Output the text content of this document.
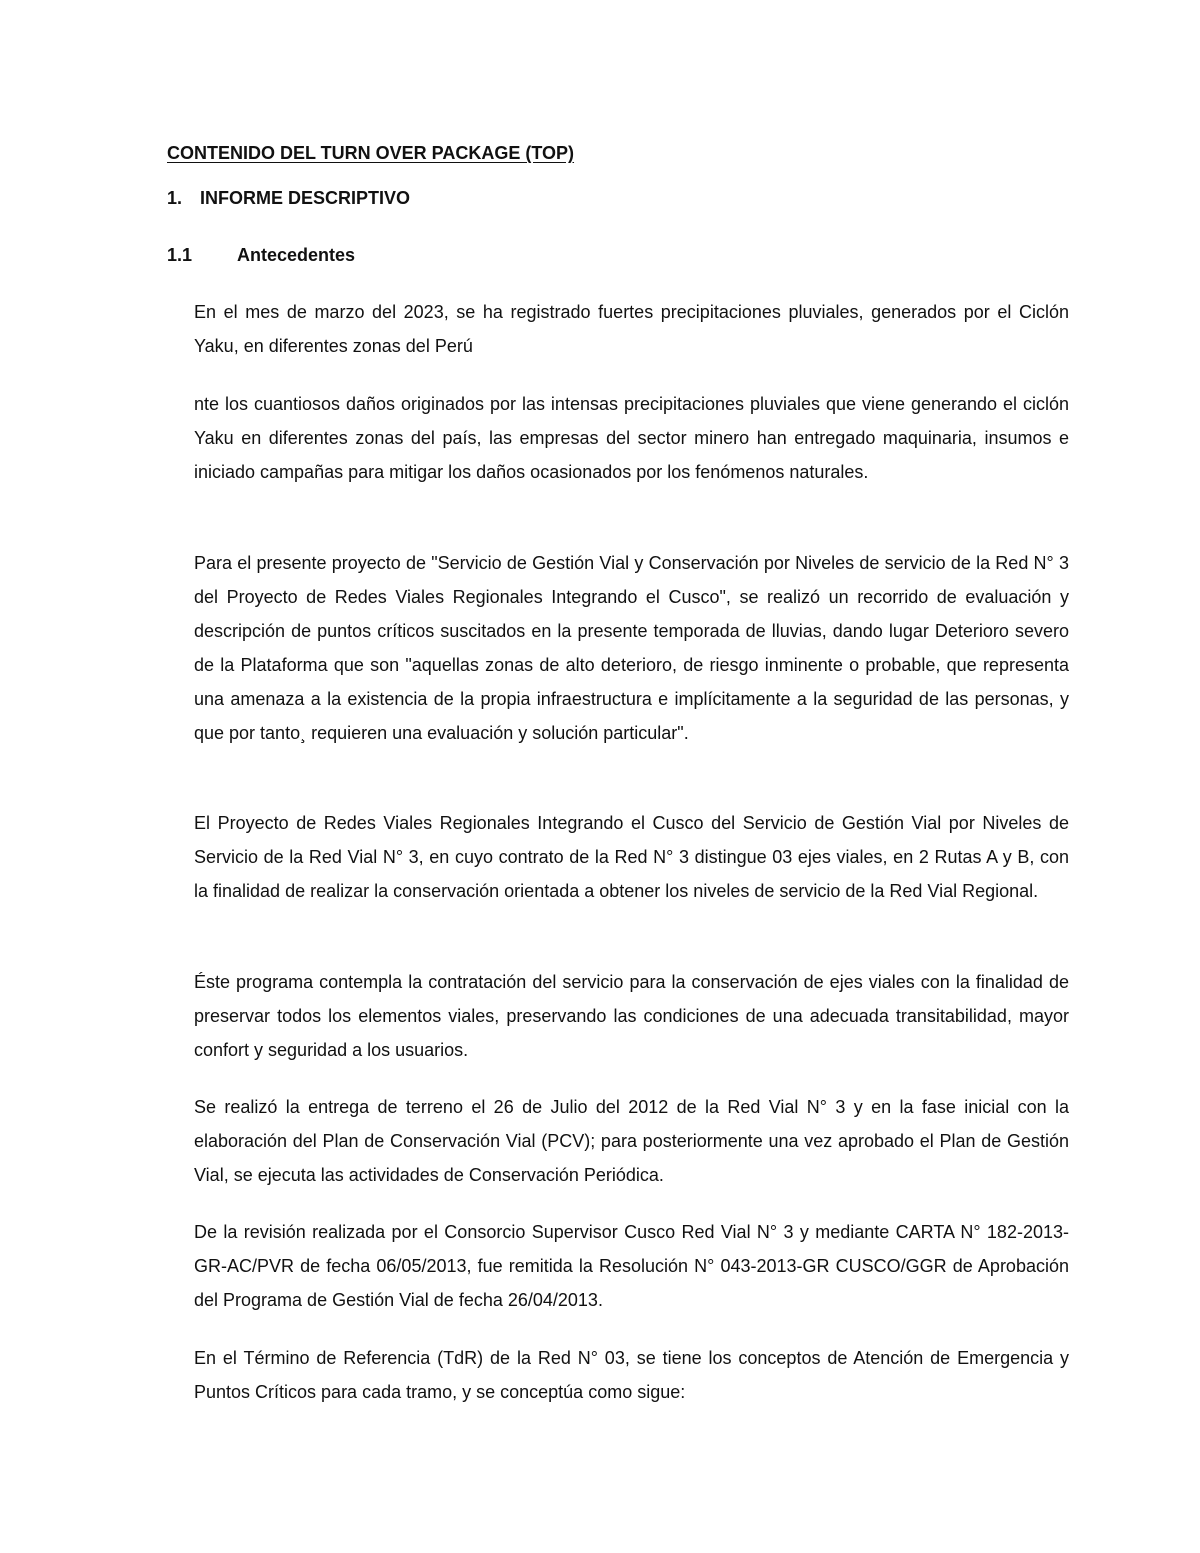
CONTENIDO DEL TURN OVER PACKAGE (TOP)
1. INFORME DESCRIPTIVO
1.1 Antecedentes

En el mes de marzo del 2023, se ha registrado fuertes precipitaciones pluviales, generados por el Ciclón Yaku, en diferentes zonas del Perú

nte los cuantiosos daños originados por las intensas precipitaciones pluviales que viene generando el ciclón Yaku en diferentes zonas del país, las empresas del sector minero han entregado maquinaria, insumos e iniciado campañas para mitigar los daños ocasionados por los fenómenos naturales.

Para el presente proyecto de "Servicio de Gestión Vial y Conservación por Niveles de servicio de la Red N° 3 del Proyecto de Redes Viales Regionales Integrando el Cusco", se realizó un recorrido de evaluación y descripción de puntos críticos suscitados en la presente temporada de lluvias, dando lugar Deterioro severo de la Plataforma que son "aquellas zonas de alto deterioro, de riesgo inminente o probable, que representa una amenaza a la existencia de la propia infraestructura e implícitamente a la seguridad de las personas, y que por tanto¸ requieren una evaluación y solución particular".

El Proyecto de Redes Viales Regionales Integrando el Cusco del Servicio de Gestión Vial por Niveles de Servicio de la Red Vial N° 3, en cuyo contrato de la Red N° 3 distingue 03 ejes viales, en 2 Rutas A y B, con la finalidad de realizar la conservación orientada a obtener los niveles de servicio de la Red Vial Regional.

Éste programa contempla la contratación del servicio para la conservación de ejes viales con la finalidad de preservar todos los elementos viales, preservando las condiciones de una adecuada transitabilidad, mayor confort y seguridad a los usuarios.

Se realizó la entrega de terreno el 26 de Julio del 2012 de la Red Vial N° 3 y en la fase inicial con la elaboración del Plan de Conservación Vial (PCV); para posteriormente una vez aprobado el Plan de Gestión Vial, se ejecuta las actividades de Conservación Periódica.

De la revisión realizada por el Consorcio Supervisor Cusco Red Vial N° 3 y mediante CARTA N° 182-2013-GR-AC/PVR de fecha 06/05/2013, fue remitida la Resolución N° 043-2013-GR CUSCO/GGR de Aprobación del Programa de Gestión Vial de fecha 26/04/2013.

En el Término de Referencia (TdR) de la Red N° 03, se tiene los conceptos de Atención de Emergencia y Puntos Críticos para cada tramo, y se conceptúa como sigue:
